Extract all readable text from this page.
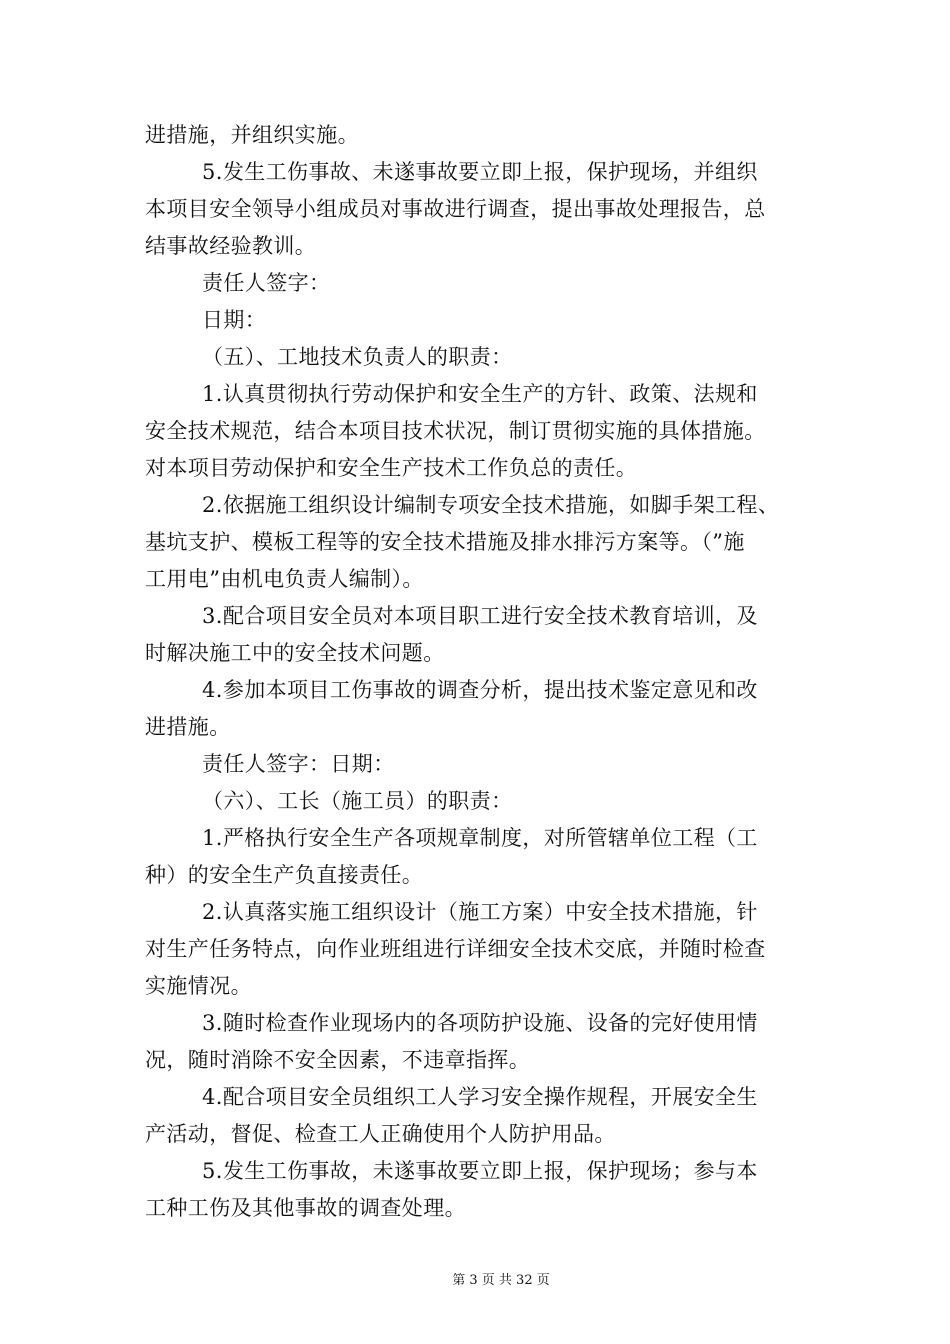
进措施，并组织实施。
5.发生工伤事故、未遂事故要立即上报，保护现场，并组织
本项目安全领导小组成员对事故进行调查，提出事故处理报告，总
结事故经验教训。
责任人签字：
日期：
（五）、工地技术负责人的职责：
1.认真贯彻执行劳动保护和安全生产的方针、政策、法规和
安全技术规范，结合本项目技术状况，制订贯彻实施的具体措施。
对本项目劳动保护和安全生产技术工作负总的责任。
2.依据施工组织设计编制专项安全技术措施，如脚手架工程、
基坑支护、模板工程等的安全技术措施及排水排污方案等。（”施
工用电”由机电负责人编制）。
3.配合项目安全员对本项目职工进行安全技术教育培训，及
时解决施工中的安全技术问题。
4.参加本项目工伤事故的调查分析，提出技术鉴定意见和改
进措施。
责任人签字：日期：
（六）、工长（施工员）的职责：
1.严格执行安全生产各项规章制度，对所管辖单位工程（工
种）的安全生产负直接责任。
2.认真落实施工组织设计（施工方案）中安全技术措施，针
对生产任务特点，向作业班组进行详细安全技术交底，并随时检查
实施情况。
3.随时检查作业现场内的各项防护设施、设备的完好使用情
况，随时消除不安全因素，不违章指挥。
4.配合项目安全员组织工人学习安全操作规程，开展安全生
产活动，督促、检查工人正确使用个人防护用品。
5.发生工伤事故，未遂事故要立即上报，保护现场；参与本
工种工伤及其他事故的调查处理。
第 3 页 共 32 页
